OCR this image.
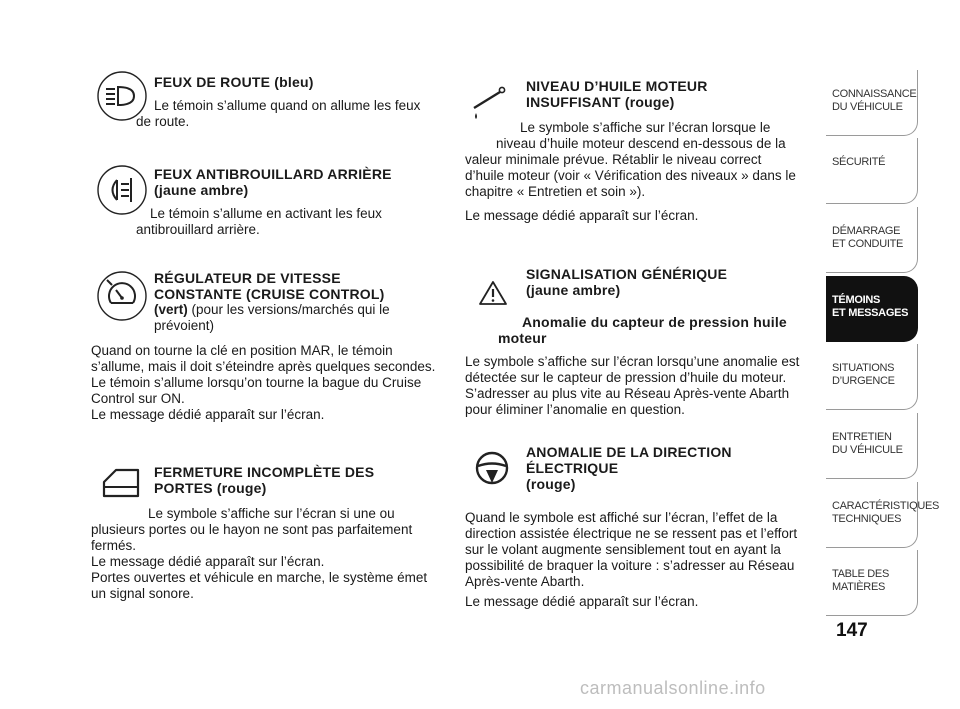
FEUX DE ROUTE (bleu)
Le témoin s’allume quand on allume les feux
de route.
FEUX ANTIBROUILLARD ARRIÈRE
(jaune ambre)
Le témoin s’allume en activant les feux
antibrouillard arrière.
RÉGULATEUR DE VITESSE
CONSTANTE (CRUISE CONTROL)
(vert) (pour les versions/marchés qui le
prévoient)
Quand on tourne la clé en position MAR, le témoin
s’allume, mais il doit s’éteindre après quelques secondes.
Le témoin s’allume lorsqu’on tourne la bague du Cruise
Control sur ON.
Le message dédié apparaît sur l’écran.
FERMETURE INCOMPLÈTE DES
PORTES (rouge)
Le symbole s’affiche sur l’écran si une ou
plusieurs portes ou le hayon ne sont pas parfaitement
fermés.
Le message dédié apparaît sur l’écran.
Portes ouvertes et véhicule en marche, le système émet
un signal sonore.
NIVEAU D’HUILE MOTEUR
INSUFFISANT (rouge)
Le symbole s’affiche sur l’écran lorsque le
niveau d’huile moteur descend en-dessous de la
valeur minimale prévue. Rétablir le niveau correct
d’huile moteur (voir « Vérification des niveaux » dans le
chapitre « Entretien et soin »).
Le message dédié apparaît sur l’écran.
SIGNALISATION GÉNÉRIQUE
(jaune ambre)
Anomalie du capteur de pression huile
moteur
Le symbole s’affiche sur l’écran lorsqu’une anomalie est
détectée sur le capteur de pression d’huile du moteur.
S’adresser au plus vite au Réseau Après-vente Abarth
pour éliminer l’anomalie en question.
ANOMALIE DE LA DIRECTION
ÉLECTRIQUE
(rouge)
Quand le symbole est affiché sur l’écran, l’effet de la
direction assistée électrique ne se ressent pas et l’effort
sur le volant augmente sensiblement tout en ayant la
possibilité de braquer la voiture : s’adresser au Réseau
Après-vente Abarth.
Le message dédié apparaît sur l’écran.
CONNAISSANCE
DU VÉHICULE
SÉCURITÉ
DÉMARRAGE
ET CONDUITE
TÉMOINS
ET MESSAGES
SITUATIONS
D’URGENCE
ENTRETIEN
DU VÉHICULE
CARACTÉRISTIQUES
TECHNIQUES
TABLE DES
MATIÈRES
147
carmanualsonline.info
